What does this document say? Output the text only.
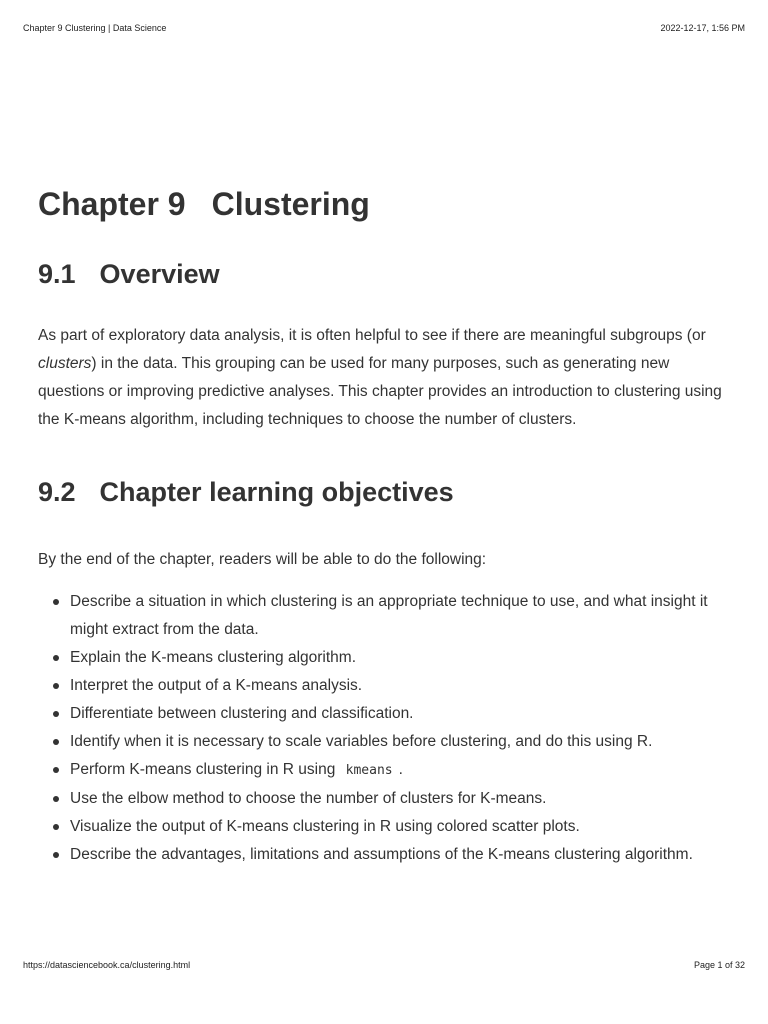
Chapter 9 Clustering | Data Science	2022-12-17, 1:56 PM
Chapter 9 Clustering
9.1 Overview

As part of exploratory data analysis, it is often helpful to see if there are meaningful subgroups (or clusters) in the data. This grouping can be used for many purposes, such as generating new questions or improving predictive analyses. This chapter provides an introduction to clustering using the K-means algorithm, including techniques to choose the number of clusters.

9.2 Chapter learning objectives

By the end of the chapter, readers will be able to do the following:

Describe a situation in which clustering is an appropriate technique to use, and what insight it might extract from the data.
Explain the K-means clustering algorithm.
Interpret the output of a K-means analysis.
Differentiate between clustering and classification.
Identify when it is necessary to scale variables before clustering, and do this using R.
Perform K-means clustering in R using kmeans .
Use the elbow method to choose the number of clusters for K-means.
Visualize the output of K-means clustering in R using colored scatter plots.
Describe the advantages, limitations and assumptions of the K-means clustering algorithm.
https://datasciencebook.ca/clustering.html	Page 1 of 32
